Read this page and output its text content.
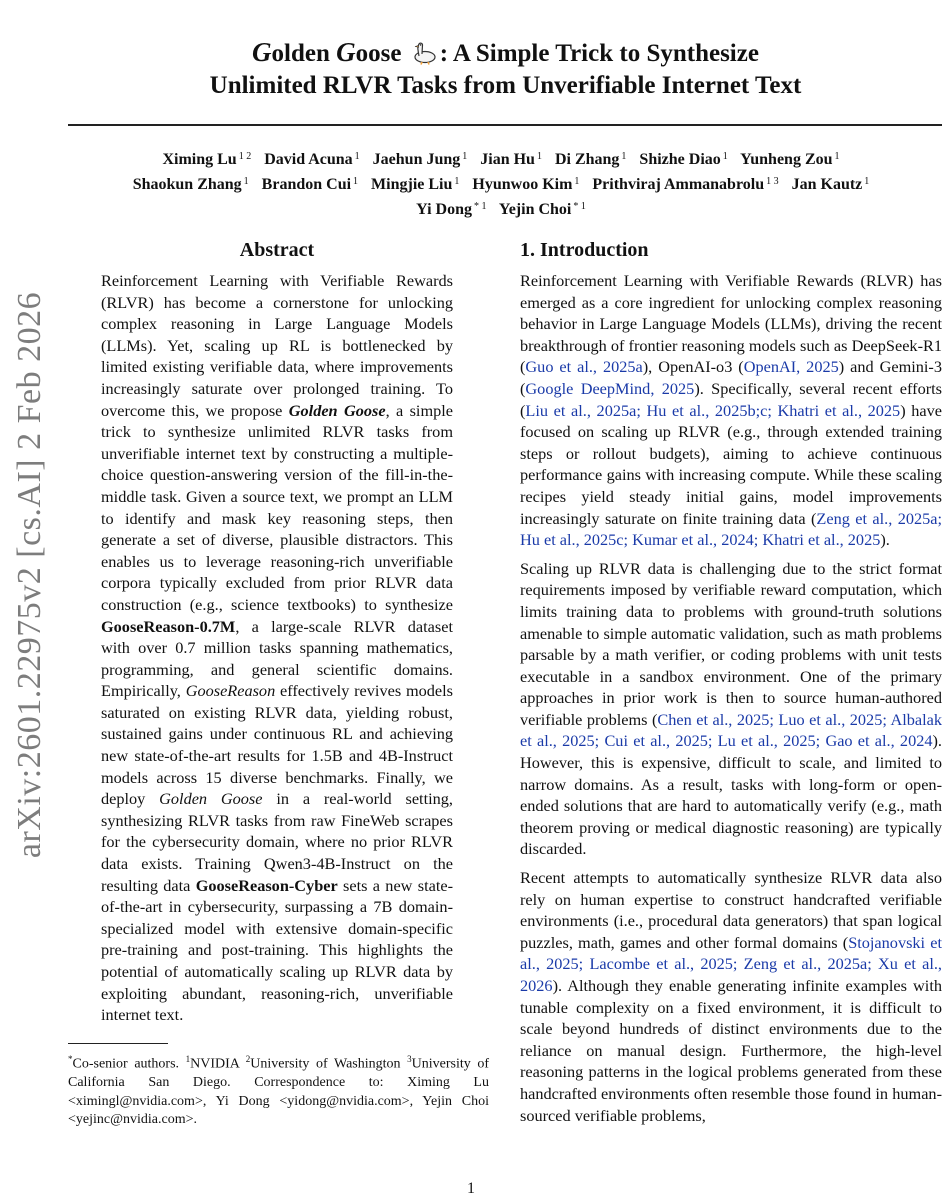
Golden Goose : A Simple Trick to Synthesize
Unlimited RLVR Tasks from Unverifiable Internet Text
Ximing Lu $^{1 2}$ David Acuna $^1$ Jaehun Jung $^1$ Jian Hu $^1$ Di Zhang $^1$ Shizhe Diao $^1$ Yunheng Zou $^1$
Shaokun Zhang $^1$ Brandon Cui $^1$ Mingjie Liu $^1$ Hyunwoo Kim $^1$ Prithviraj Ammanabrolu $^{1 3}$ Jan Kautz $^1$
Yi Dong $^{* 1}$ Yejin Choi $^{* 1}$
arXiv:2601.22975v2 [cs.AI] 2 Feb 2026
Abstract

Reinforcement Learning with Verifiable Rewards (RLVR) has become a cornerstone for unlocking complex reasoning in Large Language Models (LLMs). Yet, scaling up RL is bottlenecked by limited existing verifiable data, where improvements increasingly saturate over prolonged training. To overcome this, we propose Golden Goose, a simple trick to synthesize unlimited RLVR tasks from unverifiable internet text by constructing a multiple-choice question-answering version of the fill-in-the-middle task. Given a source text, we prompt an LLM to identify and mask key reasoning steps, then generate a set of diverse, plausible distractors. This enables us to leverage reasoning-rich unverifiable corpora typically excluded from prior RLVR data construction (e.g., science textbooks) to synthesize GooseReason-0.7M, a large-scale RLVR dataset with over 0.7 million tasks spanning mathematics, programming, and general scientific domains. Empirically, GooseReason effectively revives models saturated on existing RLVR data, yielding robust, sustained gains under continuous RL and achieving new state-of-the-art results for 1.5B and 4B-Instruct models across 15 diverse benchmarks. Finally, we deploy Golden Goose in a real-world setting, synthesizing RLVR tasks from raw FineWeb scrapes for the cybersecurity domain, where no prior RLVR data exists. Training Qwen3-4B-Instruct on the resulting data GooseReason-Cyber sets a new state-of-the-art in cybersecurity, surpassing a 7B domain-specialized model with extensive domain-specific pre-training and post-training. This highlights the potential of automatically scaling up RLVR data by exploiting abundant, reasoning-rich, unverifiable internet text.

*Co-senior authors. $^1$NVIDIA $^2$University of Washington $^3$University of California San Diego. Correspondence to: Ximing Lu <ximingl@nvidia.com>, Yi Dong <yidong@nvidia.com>, Yejin Choi <yejinc@nvidia.com>.
1. Introduction

Reinforcement Learning with Verifiable Rewards (RLVR) has emerged as a core ingredient for unlocking complex reasoning behavior in Large Language Models (LLMs), driving the recent breakthrough of frontier reasoning models such as DeepSeek-R1 (Guo et al., 2025a), OpenAI-o3 (OpenAI, 2025) and Gemini-3 (Google DeepMind, 2025). Specifically, several recent efforts (Liu et al., 2025a; Hu et al., 2025b;c; Khatri et al., 2025) have focused on scaling up RLVR (e.g., through extended training steps or rollout budgets), aiming to achieve continuous performance gains with increasing compute. While these scaling recipes yield steady initial gains, model improvements increasingly saturate on finite training data (Zeng et al., 2025a; Hu et al., 2025c; Kumar et al., 2024; Khatri et al., 2025).

Scaling up RLVR data is challenging due to the strict format requirements imposed by verifiable reward computation, which limits training data to problems with ground-truth solutions amenable to simple automatic validation, such as math problems parsable by a math verifier, or coding problems with unit tests executable in a sandbox environment. One of the primary approaches in prior work is then to source human-authored verifiable problems (Chen et al., 2025; Luo et al., 2025; Albalak et al., 2025; Cui et al., 2025; Lu et al., 2025; Gao et al., 2024). However, this is expensive, difficult to scale, and limited to narrow domains. As a result, tasks with long-form or open-ended solutions that are hard to automatically verify (e.g., math theorem proving or medical diagnostic reasoning) are typically discarded.

Recent attempts to automatically synthesize RLVR data also rely on human expertise to construct handcrafted verifiable environments (i.e., procedural data generators) that span logical puzzles, math, games and other formal domains (Stojanovski et al., 2025; Lacombe et al., 2025; Zeng et al., 2025a; Xu et al., 2026). Although they enable generating infinite examples with tunable complexity on a fixed environment, it is difficult to scale beyond hundreds of distinct environments due to the reliance on manual design. Furthermore, the high-level reasoning patterns in the logical problems generated from these handcrafted environments often resemble those found in human-sourced verifiable problems,

1
